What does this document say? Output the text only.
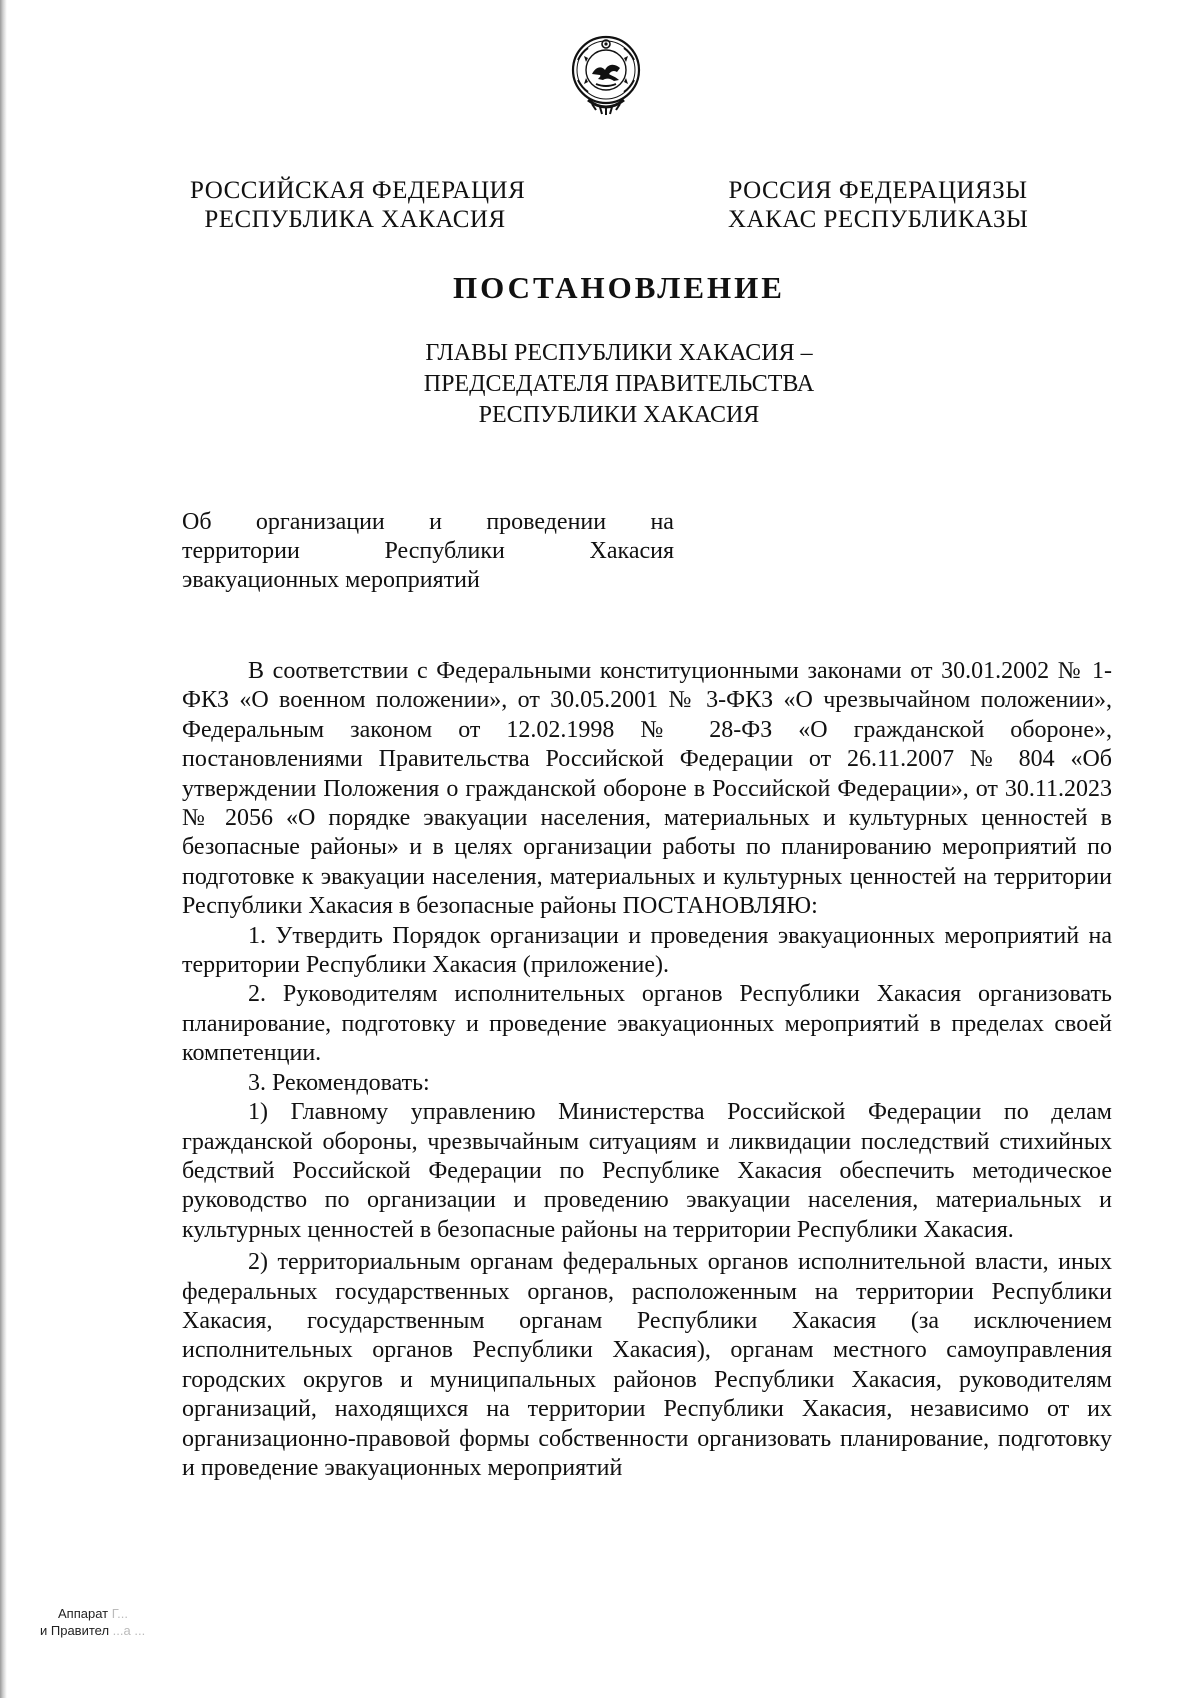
РОССИЙСКАЯ ФЕДЕРАЦИЯ
РЕСПУБЛИКА ХАКАСИЯ
РОССИЯ ФЕДЕРАЦИЯЗЫ
ХАКАС РЕСПУБЛИКАЗЫ
ПОСТАНОВЛЕНИЕ
ГЛАВЫ РЕСПУБЛИКИ ХАКАСИЯ –
ПРЕДСЕДАТЕЛЯ ПРАВИТЕЛЬСТВА
РЕСПУБЛИКИ ХАКАСИЯ
Об организации и проведении на
территории	Республики	Хакасия
эвакуационных мероприятий

В соответствии с Федеральными конституционными законами от 30.01.2002 № 1-ФКЗ «О военном положении», от 30.05.2001 № 3-ФКЗ «О чрезвычайном положении», Федеральным законом от 12.02.1998 № 28-ФЗ «О гражданской обороне», постановлениями Правительства Российской Федерации от 26.11.2007 № 804 «Об утверждении Положения о гражданской обороне в Российской Федерации», от 30.11.2023 № 2056 «О порядке эвакуации населения, материальных и культурных ценностей в безопасные районы» и в целях организации работы по планированию мероприятий по подготовке к эвакуации населения, материальных и культурных ценностей на территории Республики Хакасия в безопасные районы ПОСТАНОВЛЯЮ:

1. Утвердить Порядок организации и проведения эвакуационных мероприятий на территории Республики Хакасия (приложение).

2. Руководителям исполнительных органов Республики Хакасия организовать планирование, подготовку и проведение эвакуационных мероприятий в пределах своей компетенции.

3. Рекомендовать:

1) Главному управлению Министерства Российской Федерации по делам гражданской обороны, чрезвычайным ситуациям и ликвидации последствий стихийных бедствий Российской Федерации по Республике Хакасия обеспечить методическое руководство по организации и проведению эвакуации населения, материальных и культурных ценностей в безопасные районы на территории Республики Хакасия.

2) территориальным органам федеральных органов исполнительной власти, иных федеральных государственных органов, расположенным на территории Республики Хакасия, государственным органам Республики Хакасия (за исключением исполнительных органов Республики Хакасия), органам местного самоуправления городских округов и муниципальных районов Республики Хакасия, руководителям организаций, находящихся на территории Республики Хакасия, независимо от их организационно-правовой формы собственности организовать планирование, подготовку и проведение эвакуационных мероприятий

Аппарат Г...
и Правител ...а ...
